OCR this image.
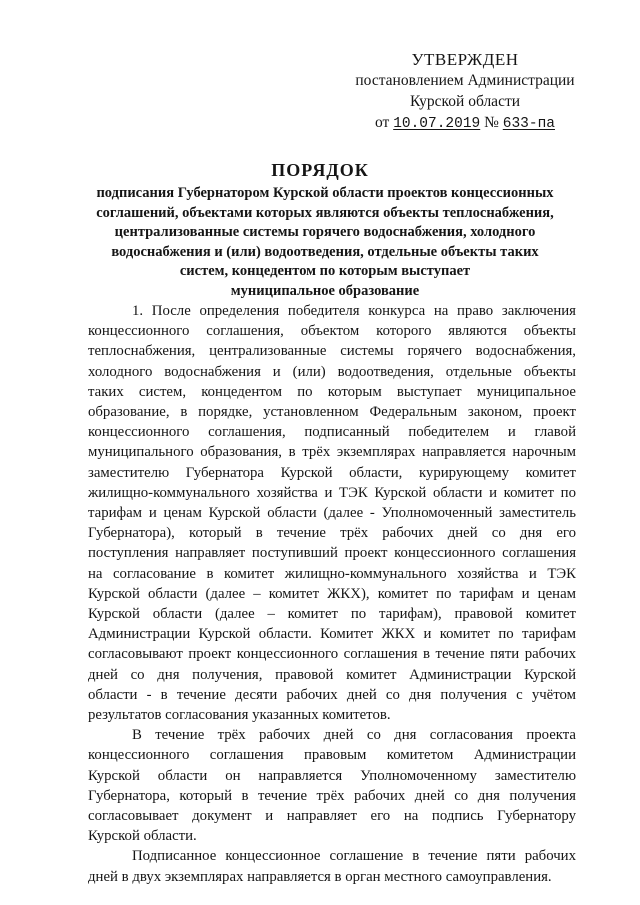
УТВЕРЖДЕН
постановлением Администрации
Курской области
от 10.07.2019 № 633-па
ПОРЯДОК
подписания Губернатором Курской области проектов концессионных
соглашений, объектами которых являются объекты теплоснабжения,
централизованные системы горячего водоснабжения, холодного
водоснабжения и (или) водоотведения, отдельные объекты таких
систем, концедентом по которым выступает
муниципальное образование
1. После определения победителя конкурса на право заключения
концессионного соглашения, объектом которого являются объекты
теплоснабжения, централизованные системы горячего водоснабжения,
холодного водоснабжения и (или) водоотведения, отдельные объекты
таких систем, концедентом по которым выступает муниципальное
образование, в порядке, установленном Федеральным законом, проект
концессионного соглашения, подписанный победителем и главой
муниципального образования, в трёх экземплярах направляется нарочным
заместителю Губернатора Курской области, курирующему комитет
жилищно-коммунального хозяйства и ТЭК Курской области и комитет по
тарифам и ценам Курской области (далее - Уполномоченный заместитель
Губернатора), который в течение трёх рабочих дней со дня его
поступления направляет поступивший проект концессионного соглашения
на согласование в комитет жилищно-коммунального хозяйства и ТЭК
Курской области (далее – комитет ЖКХ), комитет по тарифам и ценам
Курской области (далее – комитет по тарифам), правовой комитет
Администрации Курской области. Комитет ЖКХ и комитет по тарифам
согласовывают проект концессионного соглашения в течение пяти рабочих
дней со дня получения, правовой комитет Администрации Курской
области - в течение десяти рабочих дней со дня получения с учётом
результатов согласования указанных комитетов.
В течение трёх рабочих дней со дня согласования проекта
концессионного соглашения правовым комитетом Администрации
Курской области он направляется Уполномоченному заместителю
Губернатора, который в течение трёх рабочих дней со дня получения
согласовывает документ и направляет его на подпись Губернатору
Курской области.
Подписанное концессионное соглашение в течение пяти рабочих
дней в двух экземплярах направляется в орган местного самоуправления.
